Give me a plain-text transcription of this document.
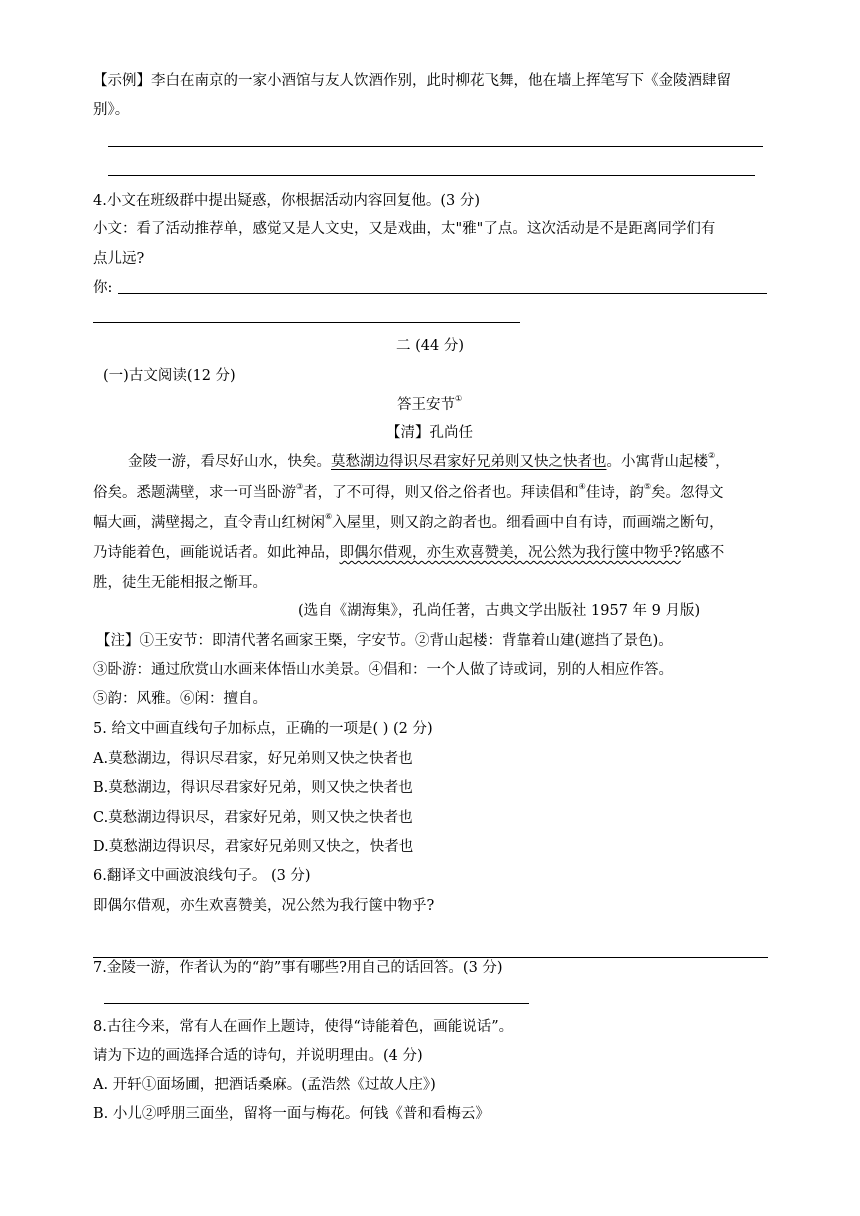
【示例】李白在南京的一家小酒馆与友人饮酒作别，此时柳花飞舞，他在墙上挥笔写下《金陵酒肆留
别》。
4.小文在班级群中提出疑惑，你根据活动内容回复他。(3 分)
小文：看了活动推荐单，感觉又是人文史，又是戏曲，太"雅"了点。这次活动是不是距离同学们有
点儿远?
你:
二 (44 分)
(一)古文阅读(12 分)
答王安节①
【清】孔尚任
金陵一游，看尽好山水，快矣。莫愁湖边得识尽君家好兄弟则又快之快者也。小寓背山起楼②，
俗矣。悉题满壁，求一可当卧游③者，了不可得，则又俗之俗者也。拜读倡和④佳诗，韵⑤矣。忽得文
幅大画，满壁揭之，直令青山红树闲⑥入屋里，则又韵之韵者也。细看画中自有诗，而画端之断句，
乃诗能着色，画能说话者。如此神品，即偶尔借观，亦生欢喜赞美，况公然为我行箧中物乎?铭感不
胜，徒生无能相报之惭耳。
(选自《湖海集》，孔尚任著，古典文学出版社 1957 年 9 月版)
【注】①王安节：即清代著名画家王槩，字安节。②背山起楼：背靠着山建(遮挡了景色)。
③卧游：通过欣赏山水画来体悟山水美景。④倡和：一个人做了诗或词，别的人相应作答。
⑤韵：风雅。⑥闲：擅自。
5. 给文中画直线句子加标点，正确的一项是( ) (2 分)
A.莫愁湖边，得识尽君家，好兄弟则又快之快者也
B.莫愁湖边，得识尽君家好兄弟，则又快之快者也
C.莫愁湖边得识尽，君家好兄弟，则又快之快者也
D.莫愁湖边得识尽，君家好兄弟则又快之，快者也
6.翻译文中画波浪线句子。 (3 分)
即偶尔借观，亦生欢喜赞美，况公然为我行箧中物乎?
7.金陵一游，作者认为的“韵”事有哪些?用自己的话回答。(3 分)
8.古往今来，常有人在画作上题诗，使得“诗能着色，画能说话”。
请为下边的画选择合适的诗句，并说明理由。(4 分)
A. 开轩①面场圃，把酒话桑麻。(孟浩然《过故人庄》)
B. 小儿②呼朋三面坐，留将一面与梅花。何钱《普和看梅云》
